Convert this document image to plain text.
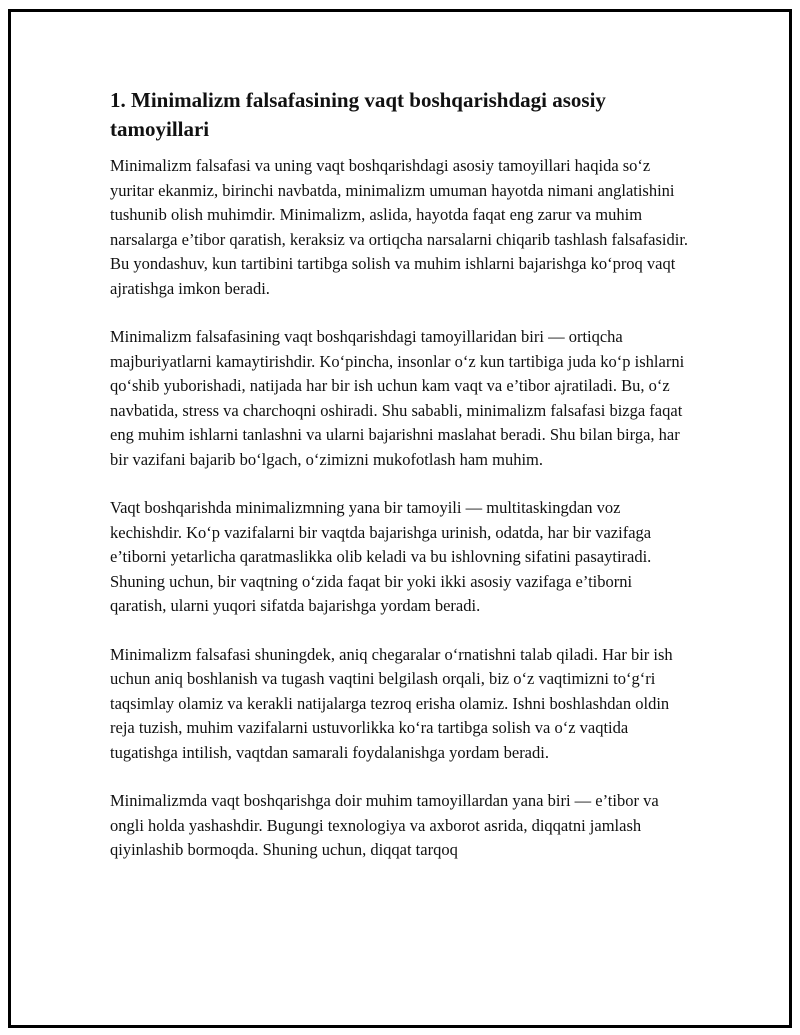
1. Minimalizm falsafasining vaqt boshqarishdagi asosiy tamoyillari

Minimalizm falsafasi va uning vaqt boshqarishdagi asosiy tamoyillari haqida so‘z yuritar ekanmiz, birinchi navbatda, minimalizm umuman hayotda nimani anglatishini tushunib olish muhimdir. Minimalizm, aslida, hayotda faqat eng zarur va muhim narsalarga e’tibor qaratish, keraksiz va ortiqcha narsalarni chiqarib tashlash falsafasidir. Bu yondashuv, kun tartibini tartibga solish va muhim ishlarni bajarishga ko‘proq vaqt ajratishga imkon beradi.

Minimalizm falsafasining vaqt boshqarishdagi tamoyillaridan biri — ortiqcha majburiyatlarni kamaytirishdir. Ko‘pincha, insonlar o‘z kun tartibiga juda ko‘p ishlarni qo‘shib yuborishadi, natijada har bir ish uchun kam vaqt va e’tibor ajratiladi. Bu, o‘z navbatida, stress va charchoqni oshiradi. Shu sababli, minimalizm falsafasi bizga faqat eng muhim ishlarni tanlashni va ularni bajarishni maslahat beradi. Shu bilan birga, har bir vazifani bajarib bo‘lgach, o‘zimizni mukofotlash ham muhim.

Vaqt boshqarishda minimalizmning yana bir tamoyili — multitaskingdan voz kechishdir. Ko‘p vazifalarni bir vaqtda bajarishga urinish, odatda, har bir vazifaga e’tiborni yetarlicha qaratmaslikka olib keladi va bu ishlovning sifatini pasaytiradi. Shuning uchun, bir vaqtning o‘zida faqat bir yoki ikki asosiy vazifaga e’tiborni qaratish, ularni yuqori sifatda bajarishga yordam beradi.

Minimalizm falsafasi shuningdek, aniq chegaralar o‘rnatishni talab qiladi. Har bir ish uchun aniq boshlanish va tugash vaqtini belgilash orqali, biz o‘z vaqtimizni to‘g‘ri taqsimlay olamiz va kerakli natijalarga tezroq erisha olamiz. Ishni boshlashdan oldin reja tuzish, muhim vazifalarni ustuvorlikka ko‘ra tartibga solish va o‘z vaqtida tugatishga intilish, vaqtdan samarali foydalanishga yordam beradi.

Minimalizmda vaqt boshqarishga doir muhim tamoyillardan yana biri — e’tibor va ongli holda yashashdir. Bugungi texnologiya va axborot asrida, diqqatni jamlash qiyinlashib bormoqda. Shuning uchun, diqqat tarqoq
